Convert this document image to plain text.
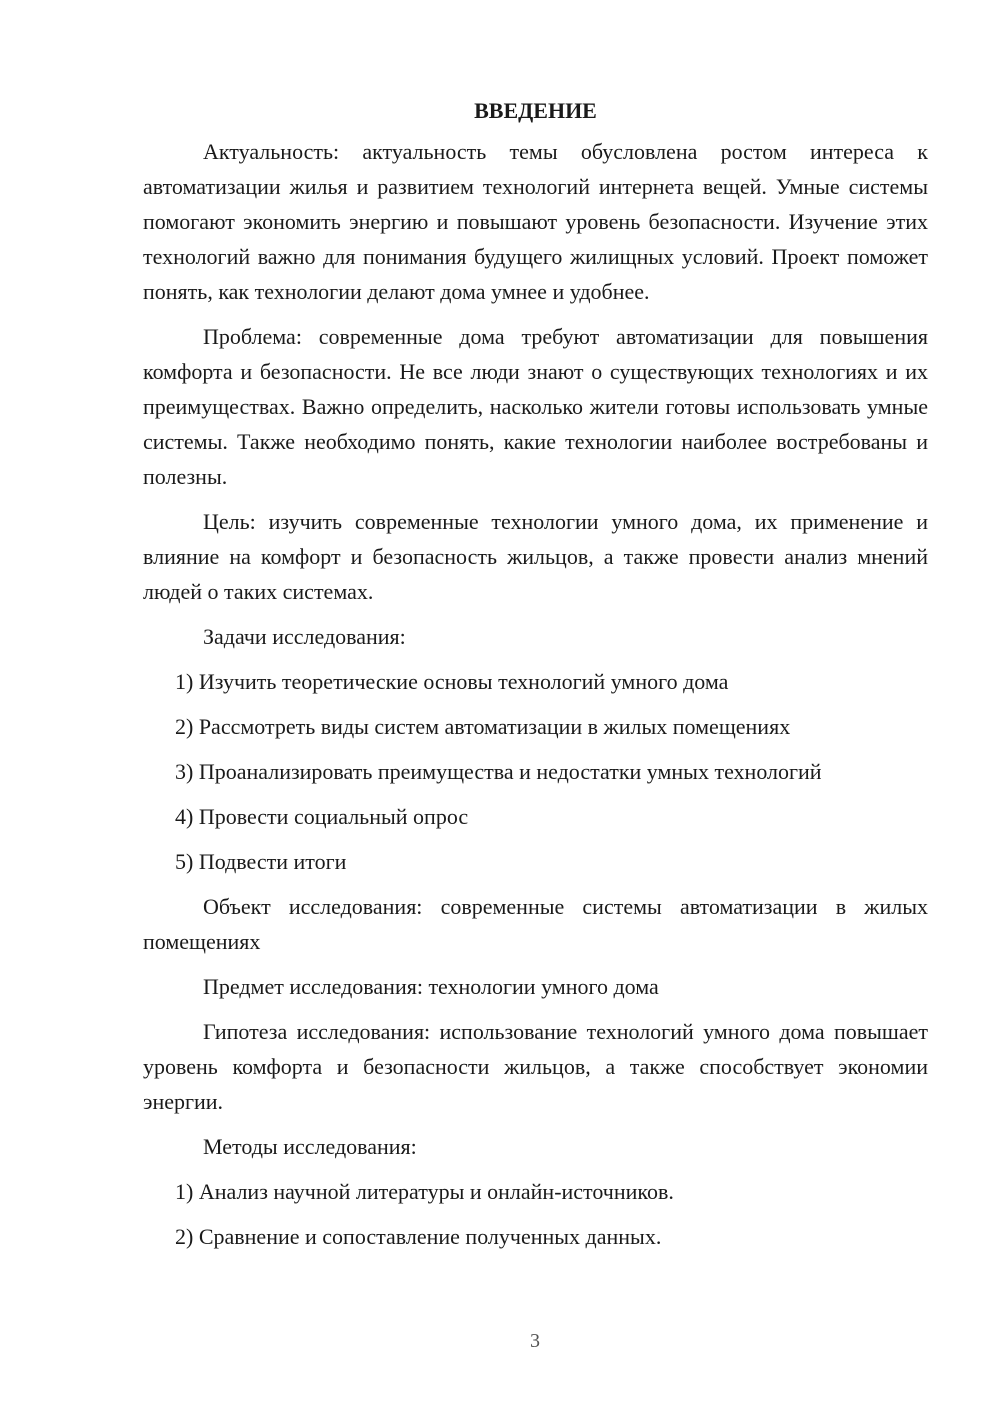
ВВЕДЕНИЕ

Актуальность: актуальность темы обусловлена ростом интереса к автоматизации жилья и развитием технологий интернета вещей. Умные системы помогают экономить энергию и повышают уровень безопасности. Изучение этих технологий важно для понимания будущего жилищных условий. Проект поможет понять, как технологии делают дома умнее и удобнее.

Проблема: современные дома требуют автоматизации для повышения комфорта и безопасности. Не все люди знают о существующих технологиях и их преимуществах. Важно определить, насколько жители готовы использовать умные системы. Также необходимо понять, какие технологии наиболее востребованы и полезны.

Цель: изучить современные технологии умного дома, их применение и влияние на комфорт и безопасность жильцов, а также провести анализ мнений людей о таких системах.

Задачи исследования:
1) Изучить теоретические основы технологий умного дома
2) Рассмотреть виды систем автоматизации в жилых помещениях
3) Проанализировать преимущества и недостатки умных технологий
4) Провести социальный опрос
5) Подвести итоги

Объект исследования: современные системы автоматизации в жилых помещениях

Предмет исследования: технологии умного дома

Гипотеза исследования: использование технологий умного дома повышает уровень комфорта и безопасности жильцов, а также способствует экономии энергии.

Методы исследования:
1) Анализ научной литературы и онлайн-источников.
2) Сравнение и сопоставление полученных данных.
3
